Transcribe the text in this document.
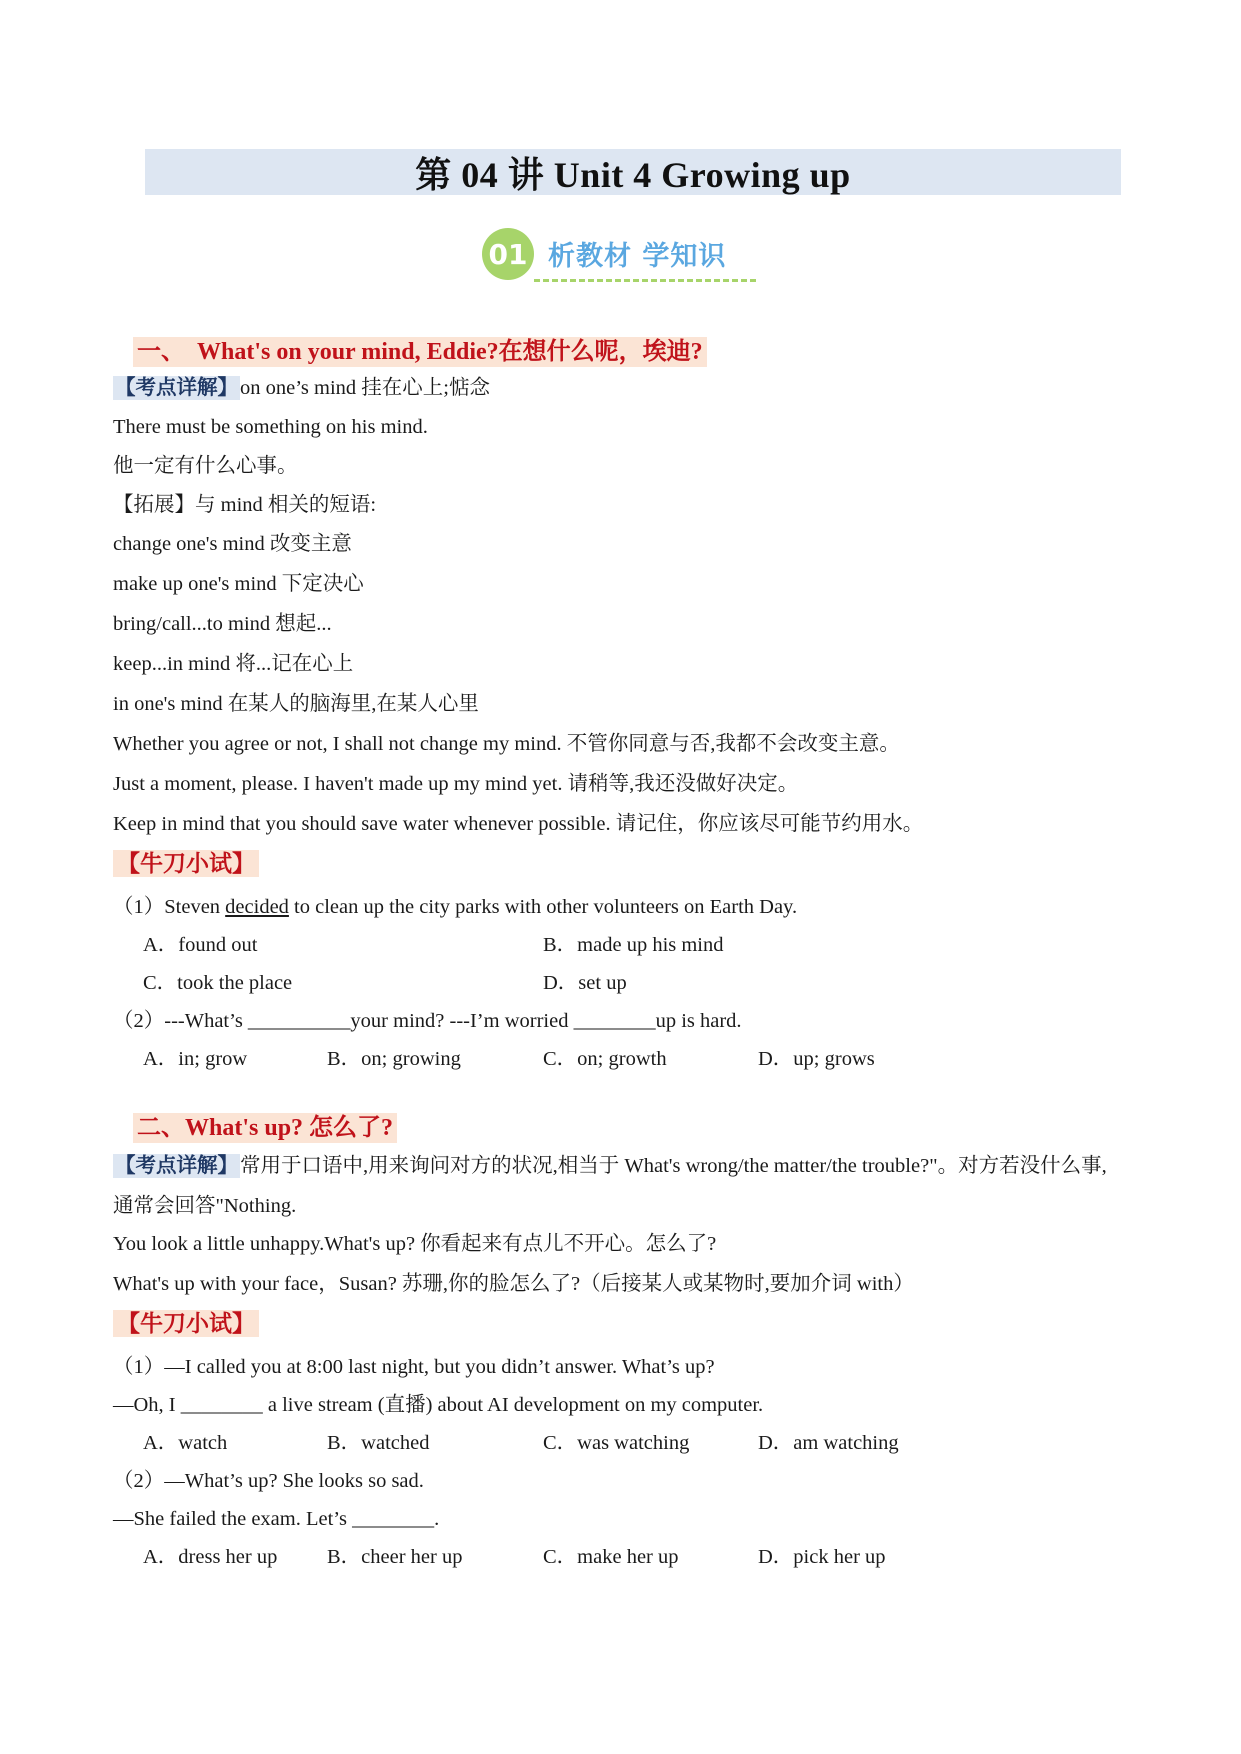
第 04 讲 Unit 4 Growing up
01 析教材 学知识
一、 What's on your mind, Eddie?在想什么呢，埃迪?
【考点详解】on one’s mind 挂在心上;惦念
There must be something on his mind.
他一定有什么心事。
【拓展】与 mind 相关的短语:
change one's mind 改变主意
make up one's mind 下定决心
bring/call...to mind 想起...
keep...in mind 将...记在心上
in one's mind 在某人的脑海里,在某人心里
Whether you agree or not, I shall not change my mind. 不管你同意与否,我都不会改变主意。
Just a moment, please. I haven't made up my mind yet. 请稍等,我还没做好决定。
Keep in mind that you should save water whenever possible. 请记住，你应该尽可能节约用水。
【牛刀小试】
（1）Steven decided to clean up the city parks with other volunteers on Earth Day.
A．found out	B．made up his mind
C．took the place	D．set up
（2）---What’s __________your mind? ---I’m worried ________up is hard.
A．in; grow	B．on; growing	C．on; growth	D．up; grows
二、What's up? 怎么了?
【考点详解】常用于口语中,用来询问对方的状况,相当于 What's wrong/the matter/the trouble?"。对方若没什么事,通常会回答"Nothing.
You look a little unhappy.What's up? 你看起来有点儿不开心。怎么了?
What's up with your face，Susan? 苏珊,你的脸怎么了?（后接某人或某物时,要加介词 with）
【牛刀小试】
（1）—I called you at 8:00 last night, but you didn’t answer. What’s up?
—Oh, I ________ a live stream (直播) about AI development on my computer.
A．watch	B．watched	C．was watching	D．am watching
（2）—What’s up? She looks so sad.
—She failed the exam. Let’s ________.
A．dress her up B．cheer her up	C．make her up	D．pick her up
